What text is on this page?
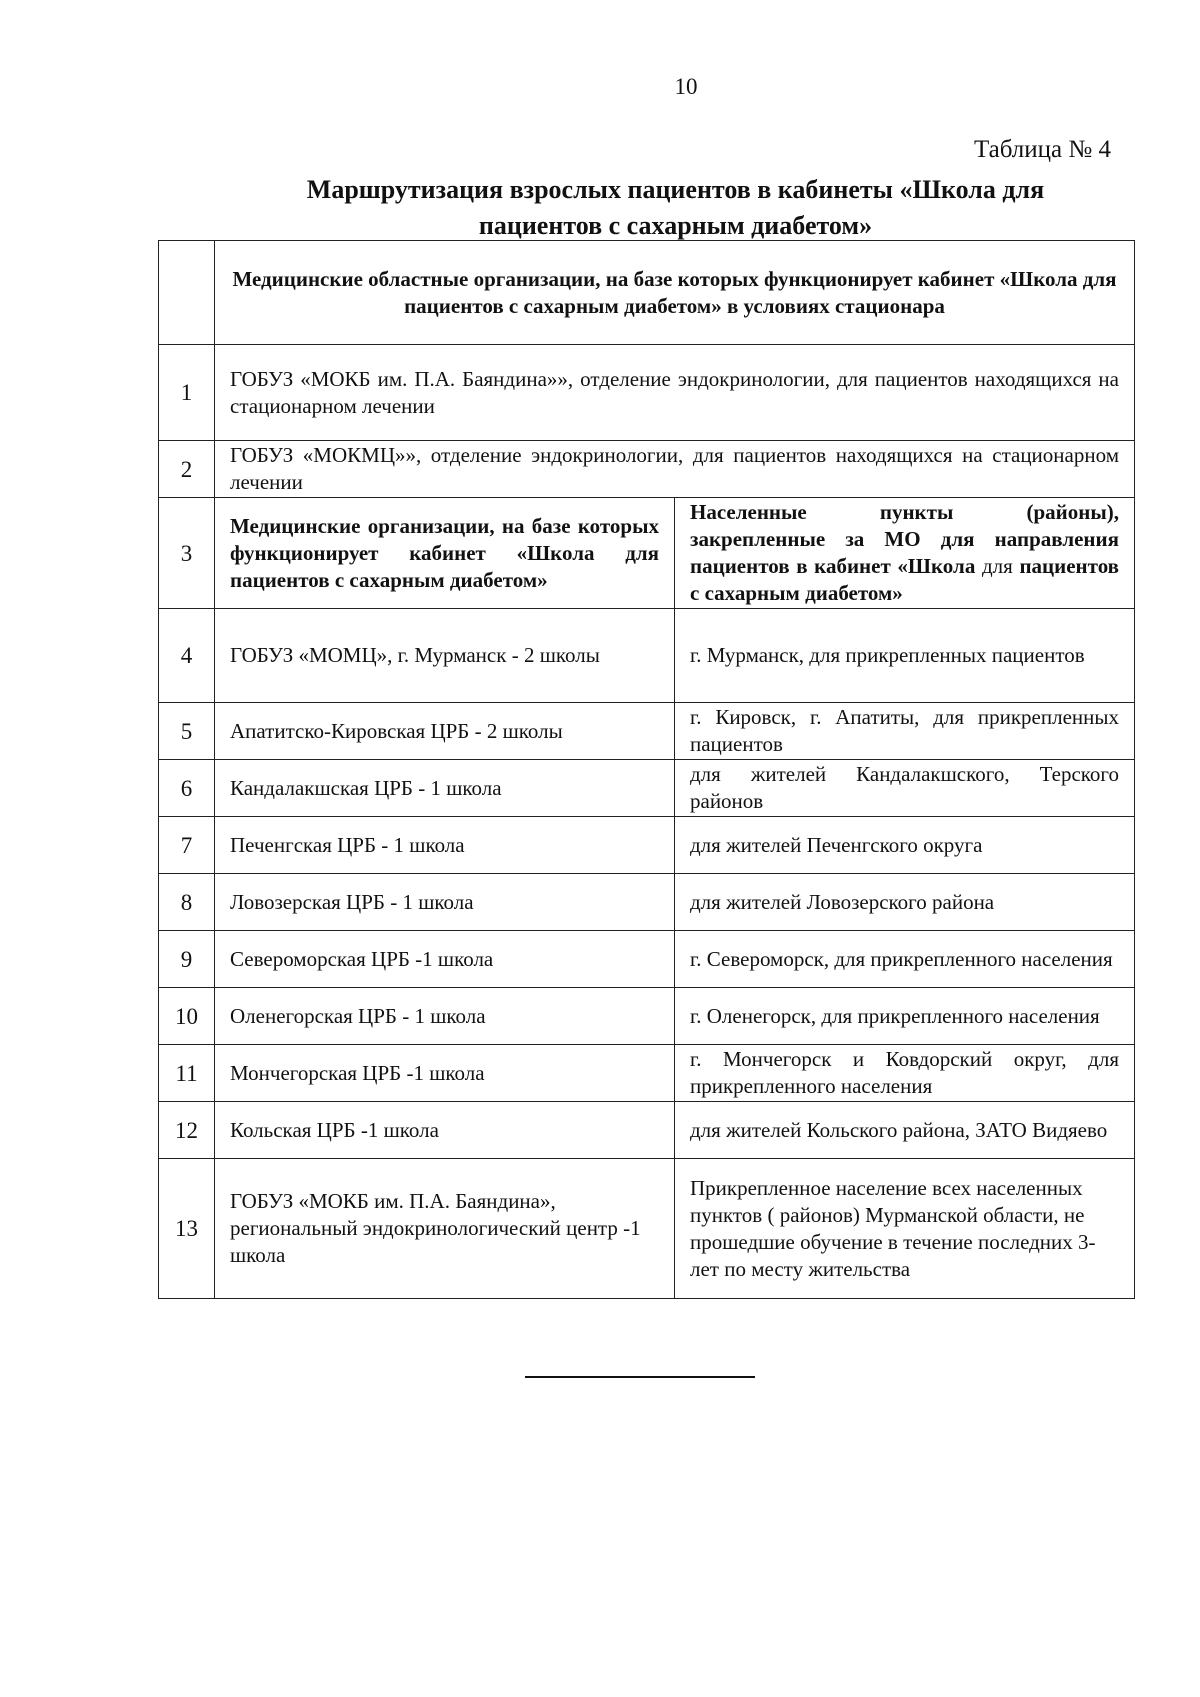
10
Таблица № 4
Маршрутизация взрослых пациентов в кабинеты «Школа для
пациентов с сахарным диабетом»
	Медицинские областные организации, на базе которых функционирует кабинет «Школа для пациентов с сахарным диабетом» в условиях стационара	
1	ГОБУЗ «МОКБ им. П.А. Баяндина»», отделение эндокринологии, для пациентов находящихся на стационарном лечении	
2	ГОБУЗ «МОКМЦ»», отделение эндокринологии, для пациентов находящихся на стационарном лечении	
3	Медицинские организации, на базе которых функционирует кабинет «Школа для пациентов с сахарным диабетом»	Населенные пункты (районы), закрепленные за МО для направления пациентов в кабинет «Школа для пациентов с сахарным диабетом»
4	ГОБУЗ «МОМЦ», г. Мурманск - 2 школы	г. Мурманск, для прикрепленных пациентов
5	Апатитско-Кировская ЦРБ - 2 школы	г. Кировск, г. Апатиты, для прикрепленных пациентов
6	Кандалакшская ЦРБ - 1 школа	для жителей Кандалакшского, Терского районов
7	Печенгская ЦРБ - 1 школа	для жителей Печенгского округа
8	Ловозерская ЦРБ - 1 школа	для жителей Ловозерского района
9	Североморская ЦРБ -1 школа	г. Североморск, для прикрепленного населения
10	Оленегорская ЦРБ - 1 школа	г. Оленегорск, для прикрепленного населения
11	Мончегорская ЦРБ -1 школа	г. Мончегорск и Ковдорский округ, для прикрепленного населения
12	Кольская ЦРБ -1 школа	для жителей Кольского района, ЗАТО Видяево
13	ГОБУЗ «МОКБ им. П.А. Баяндина», региональный эндокринологический центр -1 школа	Прикрепленное население всех населенных пунктов ( районов) Мурманской области, не прошедшие обучение в течение последних 3-лет по месту жительства
